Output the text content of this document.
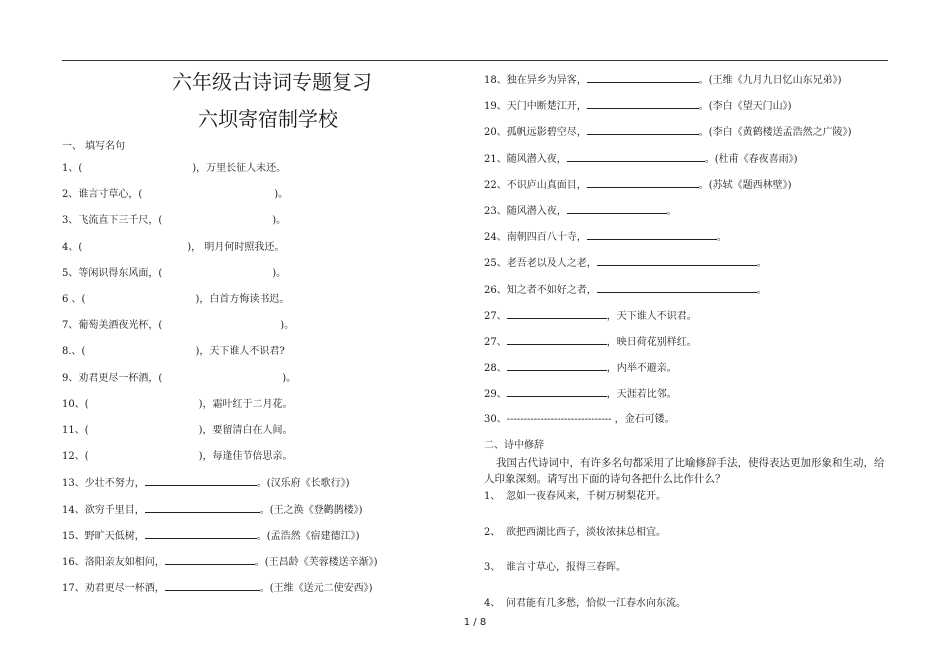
六年级古诗词专题复习
六坝寄宿制学校
一、 填写名句
1、(	)，万里长征人未还。
2、谁言寸草心，(	)。
3、飞流直下三千尺，(	)。
4、(	)， 明月何时照我还。
5、等闲识得东风面，(	)。
6 、(	)，白首方悔读书迟。
7、葡萄美酒夜光杯，(	)。
8.、(	)，天下谁人不识君?
9、劝君更尽一杯酒，(	)。
10、(	)，霜叶红于二月花。
11、(	)，要留清白在人间。
12、(	)，每逢佳节倍思亲。
13、少壮不努力，	。(汉乐府《长歌行》)
14、欲穷千里目，	。(王之涣《登鹳鹊楼》)
15、野旷天低树，	。(孟浩然《宿建德江》)
16、洛阳亲友如相问，	。(王昌龄《芙蓉楼送辛渐》)
17、劝君更尽一杯酒，	。(王维《送元二使安西》)
18、独在异乡为异客，	。(王维《九月九日忆山东兄弟》)
19、天门中断楚江开，	。(李白《望天门山》)
20、孤帆远影碧空尽，	。(李白《黄鹤楼送孟浩然之广陵》)
21、随风潜入夜，	。(杜甫《春夜喜雨》)
22、不识庐山真面目，	。(苏轼《题西林壁》)
23、随风潜入夜，	。
24、南朝四百八十寺，	。
25、老吾老以及人之老，	。
26、知之者不如好之者，	。
27、	，天下谁人不识君。
27、	，映日荷花别样红。
28、	，内举不避亲。
29、	，天涯若比邻。
30、------------------------------- ，金石可镂。
二、诗中修辞
我国古代诗词中，有许多名句都采用了比喻修辞手法，使得表达更加形象和生动，给人印象深刻。请写出下面的诗句各把什么比作什么？
1、 忽如一夜春风来，千树万树梨花开。
2、 欲把西湖比西子，淡妆浓抹总相宜。
3、 谁言寸草心，报得三春晖。
4、 问君能有几多愁，恰似一江春水向东流。
1 / 8
